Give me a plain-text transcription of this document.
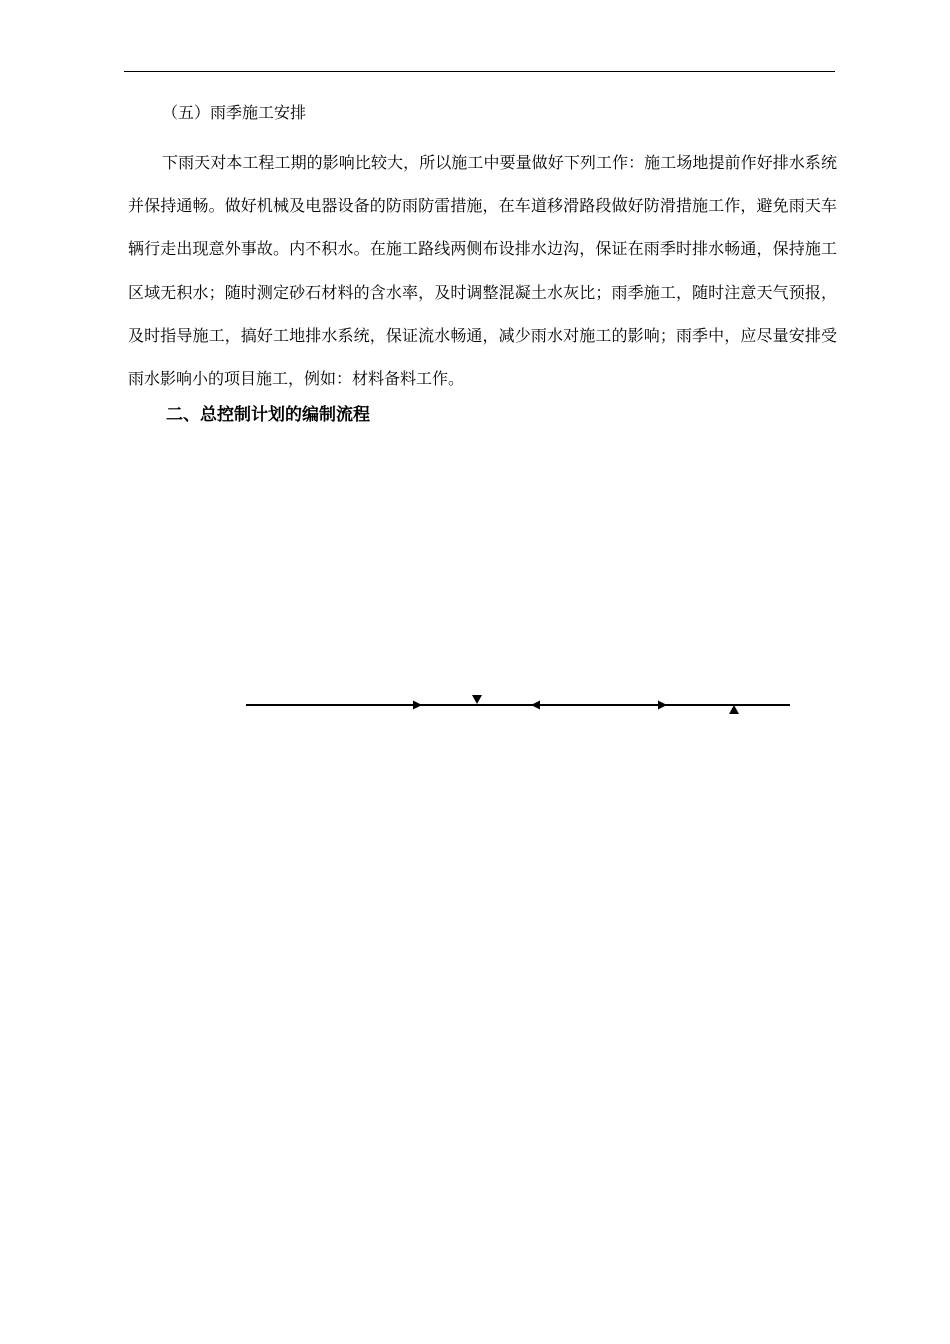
（五）雨季施工安排

下雨天对本工程工期的影响比较大，所以施工中要量做好下列工作：施工场地提前作好排水系统并保持通畅。做好机械及电器设备的防雨防雷措施，在车道移滑路段做好防滑措施工作，避免雨天车辆行走出现意外事故。内不积水。在施工路线两侧布设排水边沟，保证在雨季时排水畅通，保持施工区域无积水；随时测定砂石材料的含水率，及时调整混凝土水灰比；雨季施工，随时注意天气预报，及时指导施工，搞好工地排水系统，保证流水畅通，减少雨水对施工的影响；雨季中，应尽量安排受雨水影响小的项目施工，例如：材料备料工作。

二、总控制计划的编制流程
